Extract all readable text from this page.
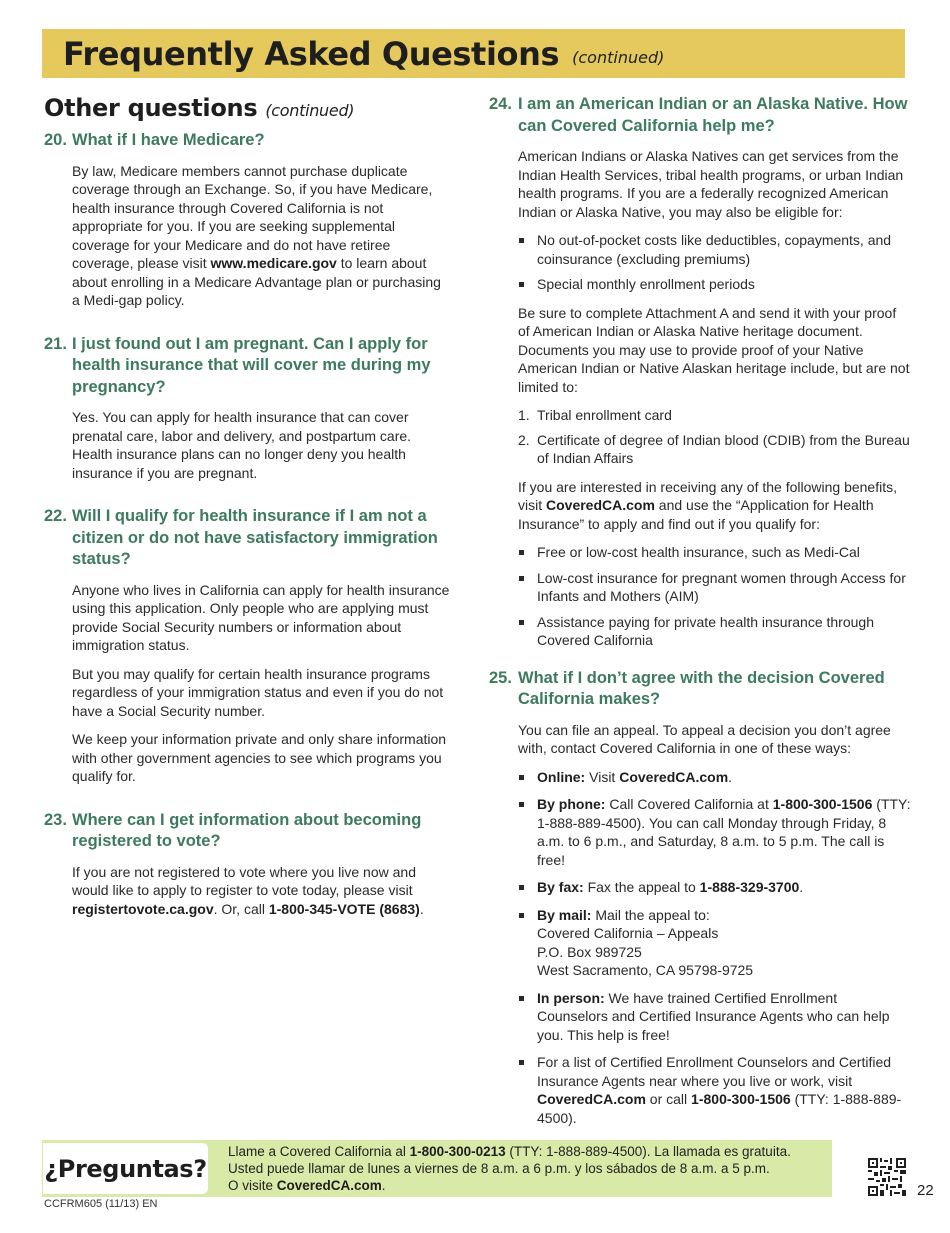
Frequently Asked Questions (continued)
Other questions (continued)
20. What if I have Medicare?

By law, Medicare members cannot purchase duplicate coverage through an Exchange. So, if you have Medicare, health insurance through Covered California is not appropriate for you. If you are seeking supplemental coverage for your Medicare and do not have retiree coverage, please visit www.medicare.gov to learn about about enrolling in a Medicare Advantage plan or purchasing a Medi-gap policy.

21. I just found out I am pregnant. Can I apply for health insurance that will cover me during my pregnancy?

Yes. You can apply for health insurance that can cover prenatal care, labor and delivery, and postpartum care. Health insurance plans can no longer deny you health insurance if you are pregnant.

22. Will I qualify for health insurance if I am not a citizen or do not have satisfactory immigration status?

Anyone who lives in California can apply for health insurance using this application. Only people who are applying must provide Social Security numbers or information about immigration status.

But you may qualify for certain health insurance programs regardless of your immigration status and even if you do not have a Social Security number.

We keep your information private and only share information with other government agencies to see which programs you qualify for.

23. Where can I get information about becoming registered to vote?

If you are not registered to vote where you live now and would like to apply to register to vote today, please visit registertovote.ca.gov. Or, call 1-800-345-VOTE (8683).

24. I am an American Indian or an Alaska Native. How can Covered California help me?

American Indians or Alaska Natives can get services from the Indian Health Services, tribal health programs, or urban Indian health programs. If you are a federally recognized American Indian or Alaska Native, you may also be eligible for:

No out-of-pocket costs like deductibles, copayments, and coinsurance (excluding premiums)
Special monthly enrollment periods

Be sure to complete Attachment A and send it with your proof of American Indian or Alaska Native heritage document. Documents you may use to provide proof of your Native American Indian or Native Alaskan heritage include, but are not limited to:

1. Tribal enrollment card
2. Certificate of degree of Indian blood (CDIB) from the Bureau of Indian Affairs

If you are interested in receiving any of the following benefits, visit CoveredCA.com and use the “Application for Health Insurance” to apply and find out if you qualify for:

Free or low-cost health insurance, such as Medi-Cal
Low-cost insurance for pregnant women through Access for Infants and Mothers (AIM)
Assistance paying for private health insurance through Covered California
25. What if I don’t agree with the decision Covered California makes?

You can file an appeal. To appeal a decision you don’t agree with, contact Covered California in one of these ways:

Online: Visit CoveredCA.com.
By phone: Call Covered California at 1-800-300-1506 (TTY: 1-888-889-4500). You can call Monday through Friday, 8 a.m. to 6 p.m., and Saturday, 8 a.m. to 5 p.m. The call is free!
By fax: Fax the appeal to 1-888-329-3700.
By mail: Mail the appeal to:
Covered California – Appeals
P.O. Box 989725
West Sacramento, CA 95798-9725
In person: We have trained Certified Enrollment Counselors and Certified Insurance Agents who can help you. This help is free!
For a list of Certified Enrollment Counselors and Certified Insurance Agents near where you live or work, visit CoveredCA.com or call 1-800-300-1506 (TTY: 1-888-889-4500).
¿Preguntas?
Llame a Covered California al 1-800-300-0213 (TTY: 1-888-889-4500). La llamada es gratuita.
Usted puede llamar de lunes a viernes de 8 a.m. a 6 p.m. y los sábados de 8 a.m. a 5 p.m.
O visite CoveredCA.com.	22
CCFRM605 (11/13) EN
